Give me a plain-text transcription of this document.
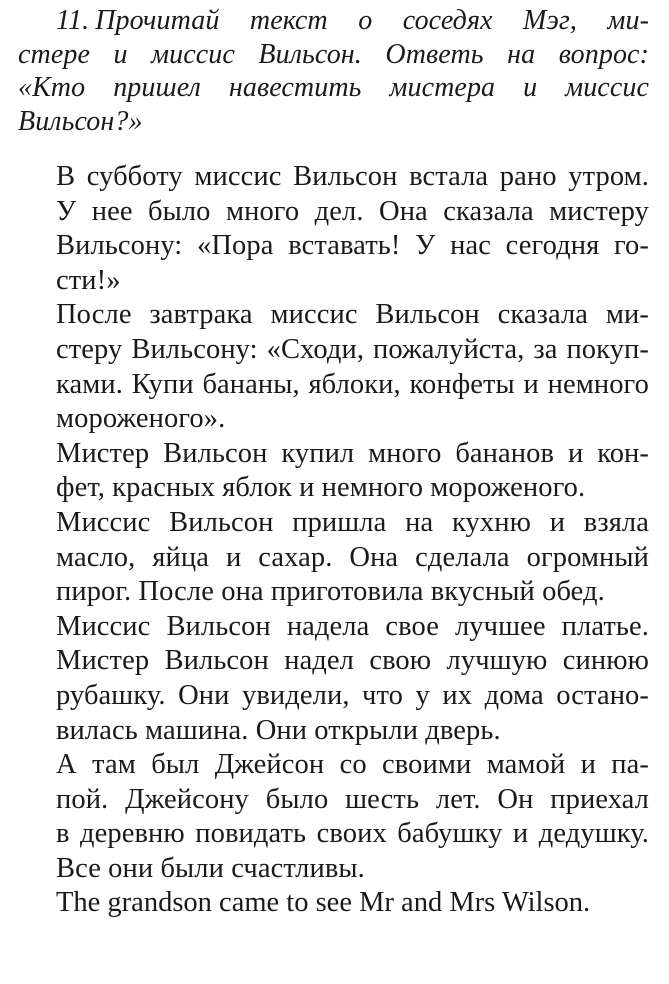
11. Прочитай текст о соседях Мэг, ми-
стере и миссис Вильсон. Ответь на вопрос:
«Кто пришел навестить мистера и миссис
Вильсон?»
В субботу миссис Вильсон встала рано утром.
У нее было много дел. Она сказала мистеру
Вильсону: «Пора вставать! У нас сегодня го-
сти!»
После завтрака миссис Вильсон сказала ми-
стеру Вильсону: «Сходи, пожалуйста, за покуп-
ками. Купи бананы, яблоки, конфеты и немного
мороженого».
Мистер Вильсон купил много бананов и кон-
фет, красных яблок и немного мороженого.
Миссис Вильсон пришла на кухню и взяла
масло, яйца и сахар. Она сделала огромный
пирог. После она приготовила вкусный обед.
Миссис Вильсон надела свое лучшее платье.
Мистер Вильсон надел свою лучшую синюю
рубашку. Они увидели, что у их дома остано-
вилась машина. Они открыли дверь.
А там был Джейсон со своими мамой и па-
пой. Джейсону было шесть лет. Он приехал
в деревню повидать своих бабушку и дедушку.
Все они были счастливы.
The grandson came to see Mr and Mrs Wilson.
